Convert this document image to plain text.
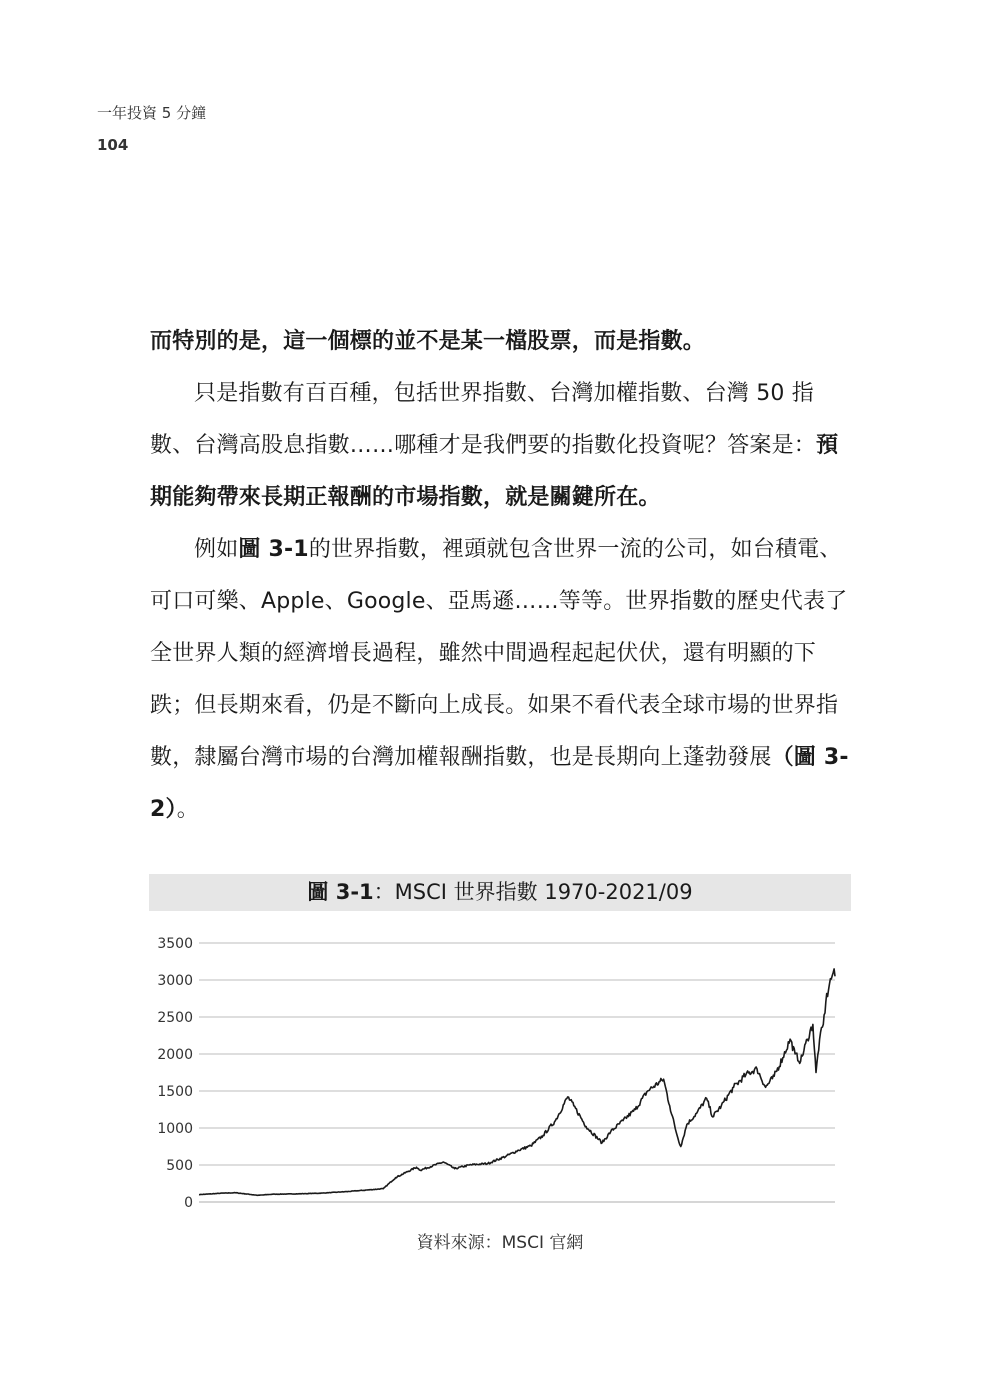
一年投資 5 分鐘
104

而特別的是，這一個標的並不是某一檔股票，而是指數。

只是指數有百百種，包括世界指數、台灣加權指數、台灣 50 指數、台灣高股息指數……哪種才是我們要的指數化投資呢？答案是：預期能夠帶來長期正報酬的市場指數，就是關鍵所在。

例如圖 3-1的世界指數，裡頭就包含世界一流的公司，如台積電、可口可樂、Apple、Google、亞馬遜……等等。世界指數的歷史代表了全世界人類的經濟增長過程，雖然中間過程起起伏伏，還有明顯的下跌；但長期來看，仍是不斷向上成長。如果不看代表全球市場的世界指數，隸屬台灣市場的台灣加權報酬指數，也是長期向上蓬勃發展（圖 3-2）。

圖 3-1：MSCI 世界指數 1970-2021/09
0
500
1000
1500
2000
2500
3000
3500
資料來源：MSCI 官網
